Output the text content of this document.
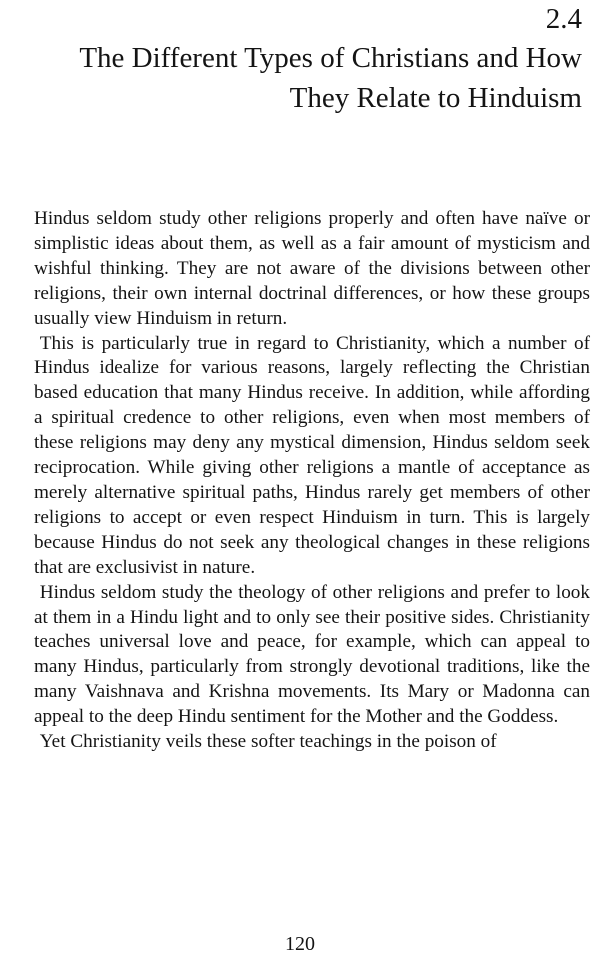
2.4
The Different Types of Christians and How
They Relate to Hinduism

Hindus seldom study other religions properly and often have naïve or simplistic ideas about them, as well as a fair amount of mysticism and wishful thinking. They are not aware of the divisions between other religions, their own internal doctrinal differences, or how these groups usually view Hinduism in return.

This is particularly true in regard to Christianity, which a number of Hindus idealize for various reasons, largely reflecting the Christian based education that many Hindus receive. In addition, while affording a spiritual credence to other religions, even when most members of these religions may deny any mystical dimension, Hindus seldom seek reciprocation. While giving other religions a mantle of acceptance as merely alternative spiritual paths, Hindus rarely get members of other religions to accept or even respect Hinduism in turn. This is largely because Hindus do not seek any theological changes in these religions that are exclusivist in nature.

Hindus seldom study the theology of other religions and prefer to look at them in a Hindu light and to only see their positive sides. Christianity teaches universal love and peace, for example, which can appeal to many Hindus, particularly from strongly devotional traditions, like the many Vaishnava and Krishna movements. Its Mary or Madonna can appeal to the deep Hindu sentiment for the Mother and the Goddess.

Yet Christianity veils these softer teachings in the poison of

120
